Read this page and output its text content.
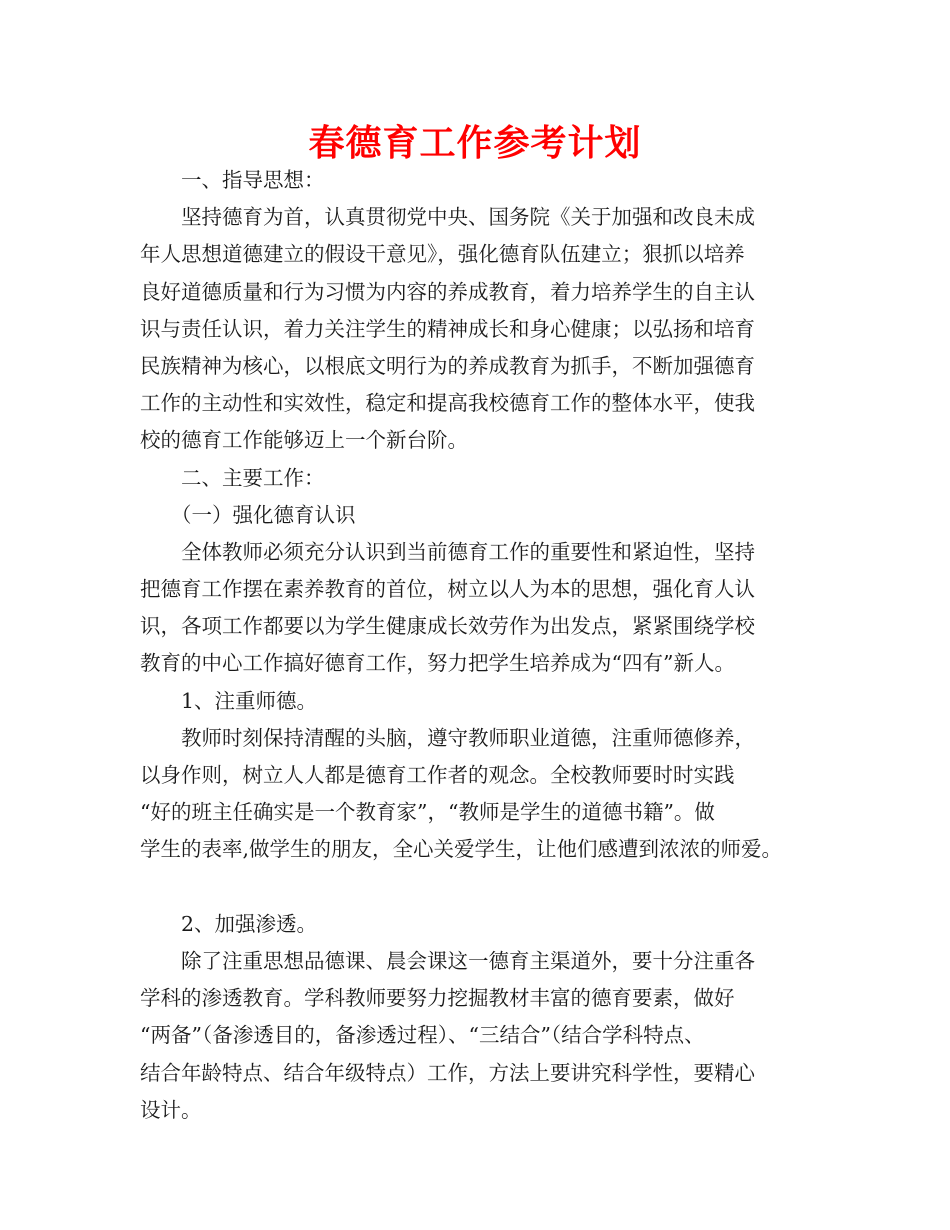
春德育工作参考计划
一、指导思想：
坚持德育为首，认真贯彻党中央、国务院《关于加强和改良未成
年人思想道德建立的假设干意见》，强化德育队伍建立；狠抓以培养
良好道德质量和行为习惯为内容的养成教育，着力培养学生的自主认
识与责任认识，着力关注学生的精神成长和身心健康；以弘扬和培育
民族精神为核心，以根底文明行为的养成教育为抓手，不断加强德育
工作的主动性和实效性，稳定和提高我校德育工作的整体水平，使我
校的德育工作能够迈上一个新台阶。
二、主要工作：
（一）强化德育认识
全体教师必须充分认识到当前德育工作的重要性和紧迫性，坚持
把德育工作摆在素养教育的首位，树立以人为本的思想，强化育人认
识，各项工作都要以为学生健康成长效劳作为出发点，紧紧围绕学校
教育的中心工作搞好德育工作，努力把学生培养成为“四有”新人。
1、注重师德。
教师时刻保持清醒的头脑，遵守教师职业道德，注重师德修养，
以身作则，树立人人都是德育工作者的观念。全校教师要时时实践
“好的班主任确实是一个教育家”，“教师是学生的道德书籍”。做
学生的表率,做学生的朋友，全心关爱学生，让他们感遭到浓浓的师爱。
2、加强渗透。
除了注重思想品德课、晨会课这一德育主渠道外，要十分注重各
学科的渗透教育。学科教师要努力挖掘教材丰富的德育要素，做好
“两备”（备渗透目的，备渗透过程）、“三结合”（结合学科特点、
结合年龄特点、结合年级特点）工作，方法上要讲究科学性，要精心
设计。
